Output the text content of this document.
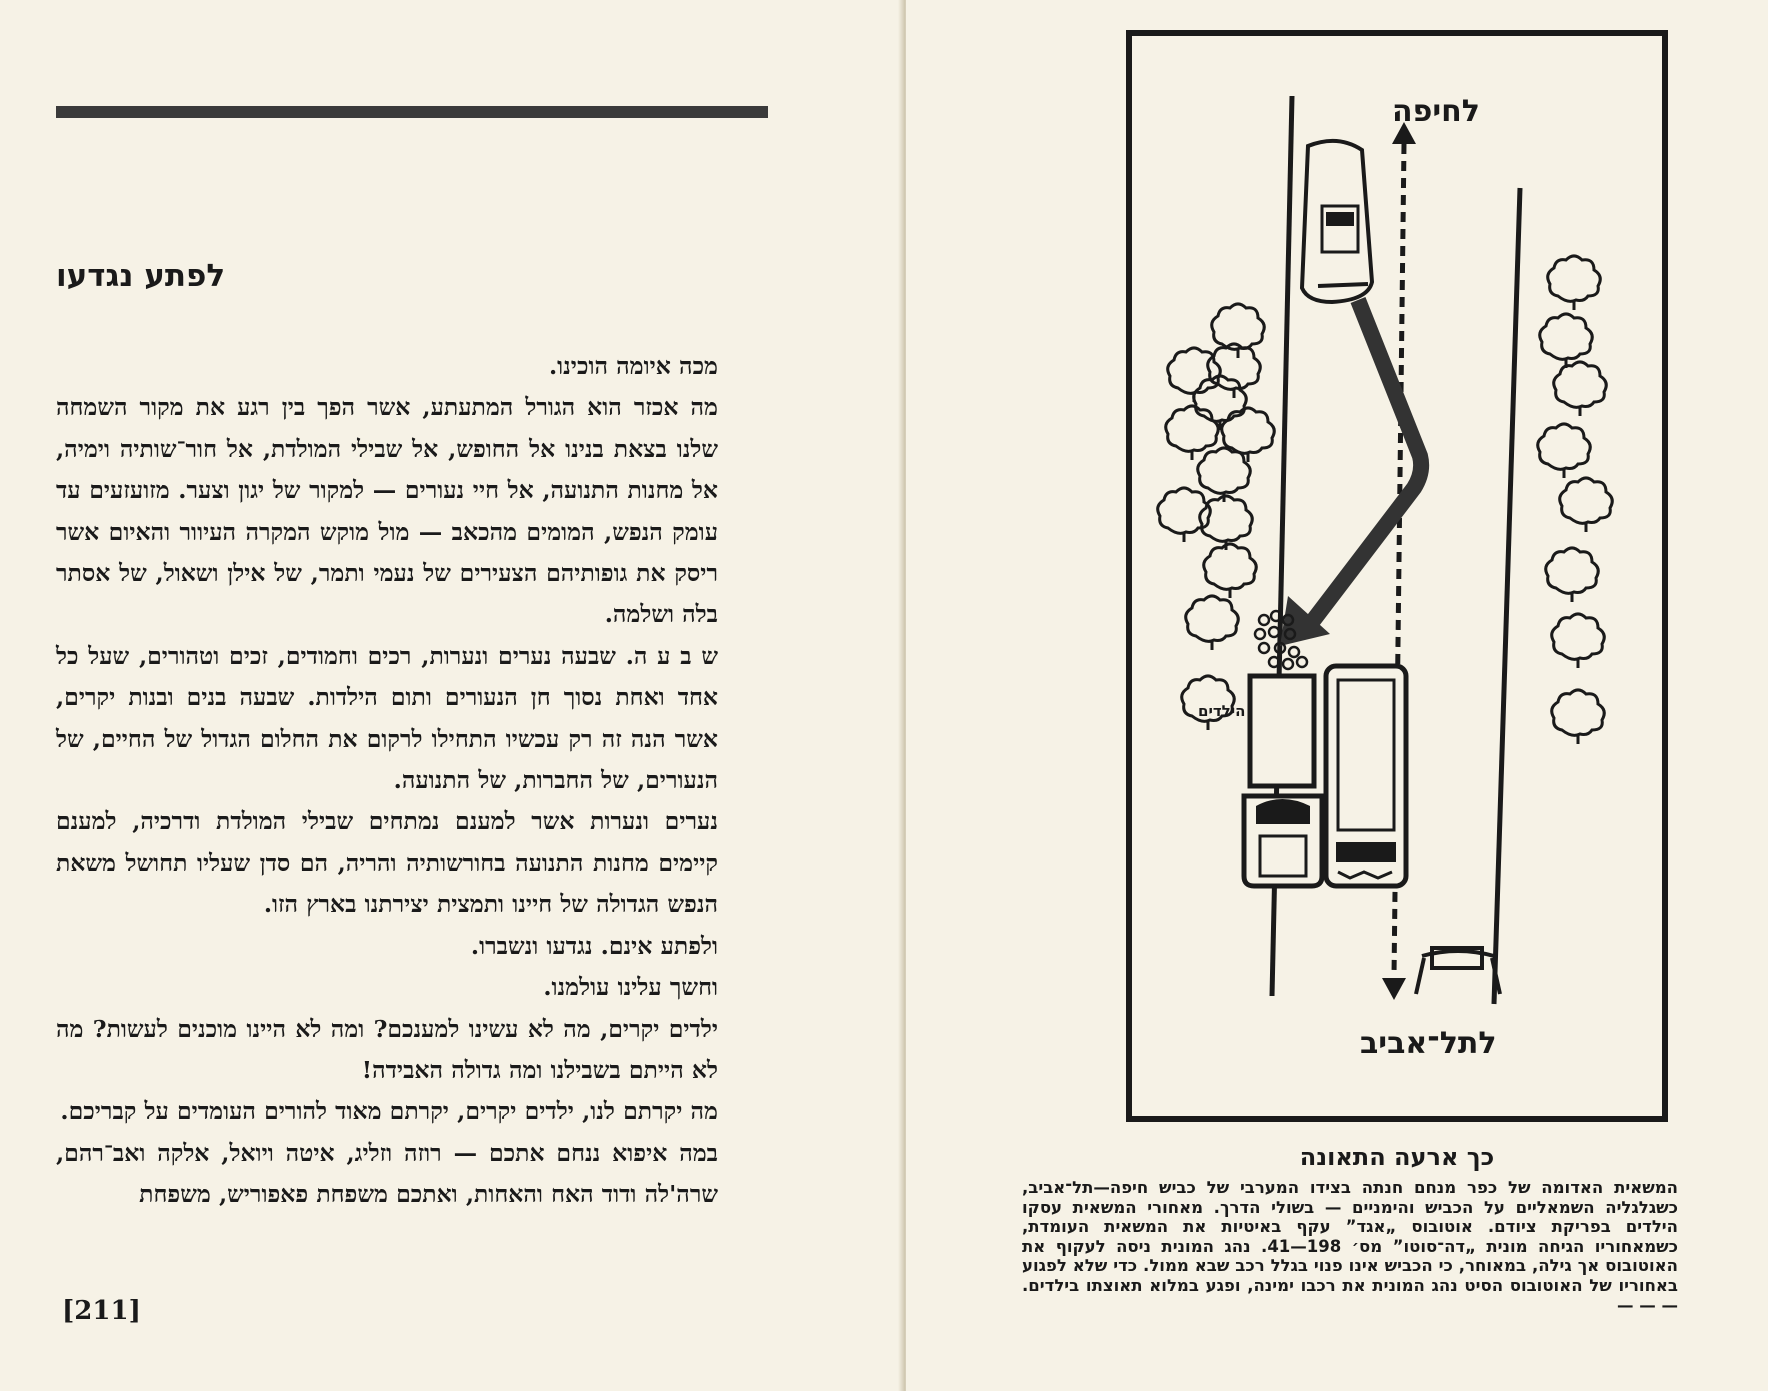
לפתע נגדעו

מכה איומה הוכינו.

מה אכזר הוא הגורל המתעתע, אשר הפך בין רגע את מקור השמחה שלנו בצאת בנינו אל החופש, אל שבילי המולדת, אל חור־שותיה וימיה, אל מחנות התנועה, אל חיי נעורים — למקור של יגון וצער. מזועזעים עד עומק הנפש, המומים מהכאב — מול מוקש המקרה העיוור והאיום אשר ריסק את גופותיהם הצעירים של נעמי ותמר, של אילן ושאול, של אסתר בלה ושלמה.

ש ב ע ה. שבעה נערים ונערות, רכים וחמודים, זכים וטהורים, שעל כל אחד ואחת נסוך חן הנעורים ותום הילדות. שבעה בנים ובנות יקרים, אשר הנה זה רק עכשיו התחילו לרקום את החלום הגדול של החיים, של הנעורים, של החברות, של התנועה.

נערים ונערות אשר למענם נמתחים שבילי המולדת ודרכיה, למענם קיימים מחנות התנועה בחורשותיה והריה, הם סדן שעליו תחושל משאת הנפש הגדולה של חיינו ותמצית יצירתנו בארץ הזו.

ולפתע אינם. נגדעו ונשברו.

וחשך עלינו עולמנו.

ילדים יקרים, מה לא עשינו למענכם? ומה לא היינו מוכנים לעשות? מה לא הייתם בשבילנו ומה גדולה האבידה!

מה יקרתם לנו, ילדים יקרים, יקרתם מאוד להורים העומדים על קבריכם.

במה איפוא ננחם אתכם — רוזה וזליג, איטה ויואל, אלקה ואב־רהם, שרה'לה ודוד האח והאחות, ואתכם משפחת פאפוריש, משפחת

[211]
לחיפה
לתל־אביב
הילדים
כך ארעה התאונה

המשאית האדומה של כפר מנחם חנתה בצידו המערבי של כביש חיפה—תל־אביב, כשגלגליה השמאליים על הכביש והימניים — בשולי הדרך. מאחורי המשאית עסקו הילדים בפריקת ציודם. אוטובוס „אגד” עקף באיטיות את המשאית העומדת, כשמאחוריו הגיחה מונית „דה־סוטו” מס׳ 198—41. נהג המונית ניסה לעקוף את האוטובוס אך גילה, במאוחר, כי הכביש אינו פנוי בגלל רכב שבא ממול. כדי שלא לפגוע באחוריו של האוטובוס הסיט נהג המונית את רכבו ימינה, ופגע במלוא תאוצתו בילדים. — — —
